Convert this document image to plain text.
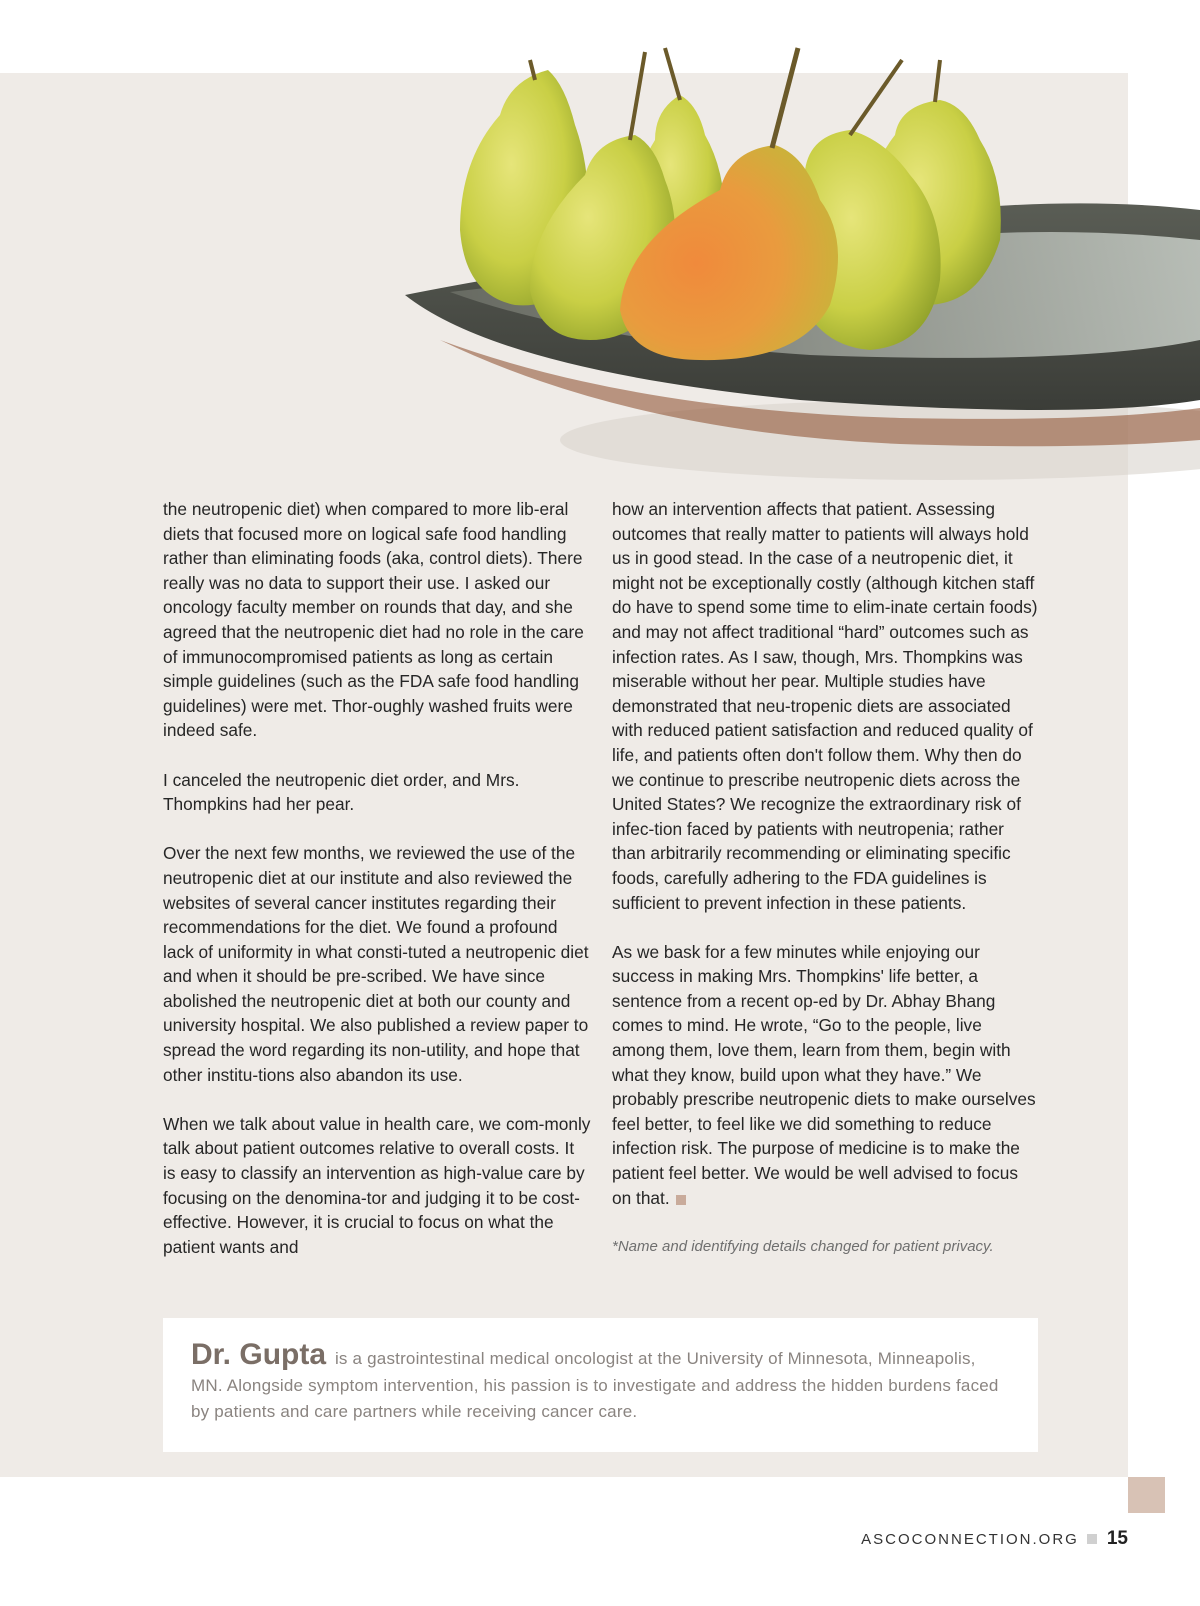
the neutropenic diet) when compared to more lib-eral diets that focused more on logical safe food handling rather than eliminating foods (aka, control diets). There really was no data to support their use. I asked our oncology faculty member on rounds that day, and she agreed that the neutropenic diet had no role in the care of immunocompromised patients as long as certain simple guidelines (such as the FDA safe food handling guidelines) were met. Thor-oughly washed fruits were indeed safe.

I canceled the neutropenic diet order, and Mrs. Thompkins had her pear.

Over the next few months, we reviewed the use of the neutropenic diet at our institute and also reviewed the websites of several cancer institutes regarding their recommendations for the diet. We found a profound lack of uniformity in what consti-tuted a neutropenic diet and when it should be pre-scribed. We have since abolished the neutropenic diet at both our county and university hospital. We also published a review paper to spread the word regarding its non-utility, and hope that other institu-tions also abandon its use.

When we talk about value in health care, we com-monly talk about patient outcomes relative to overall costs. It is easy to classify an intervention as high-value care by focusing on the denomina-tor and judging it to be cost-effective. However, it is crucial to focus on what the patient wants and

how an intervention affects that patient. Assessing outcomes that really matter to patients will always hold us in good stead. In the case of a neutropenic diet, it might not be exceptionally costly (although kitchen staff do have to spend some time to elim-inate certain foods) and may not affect traditional “hard” outcomes such as infection rates. As I saw, though, Mrs. Thompkins was miserable without her pear. Multiple studies have demonstrated that neu-tropenic diets are associated with reduced patient satisfaction and reduced quality of life, and patients often don't follow them. Why then do we continue to prescribe neutropenic diets across the United States? We recognize the extraordinary risk of infec-tion faced by patients with neutropenia; rather than arbitrarily recommending or eliminating specific foods, carefully adhering to the FDA guidelines is sufficient to prevent infection in these patients.

As we bask for a few minutes while enjoying our success in making Mrs. Thompkins' life better, a sentence from a recent op-ed by Dr. Abhay Bhang comes to mind. He wrote, “Go to the people, live among them, love them, learn from them, begin with what they know, build upon what they have.” We probably prescribe neutropenic diets to make ourselves feel better, to feel like we did something to reduce infection risk. The purpose of medicine is to make the patient feel better. We would be well advised to focus on that.

*Name and identifying details changed for patient privacy.
Dr. Gupta is a gastrointestinal medical oncologist at the University of Minnesota, Minneapolis, MN. Alongside symptom intervention, his passion is to investigate and address the hidden burdens faced by patients and care partners while receiving cancer care.
ASCOCONNECTION.ORG 15
